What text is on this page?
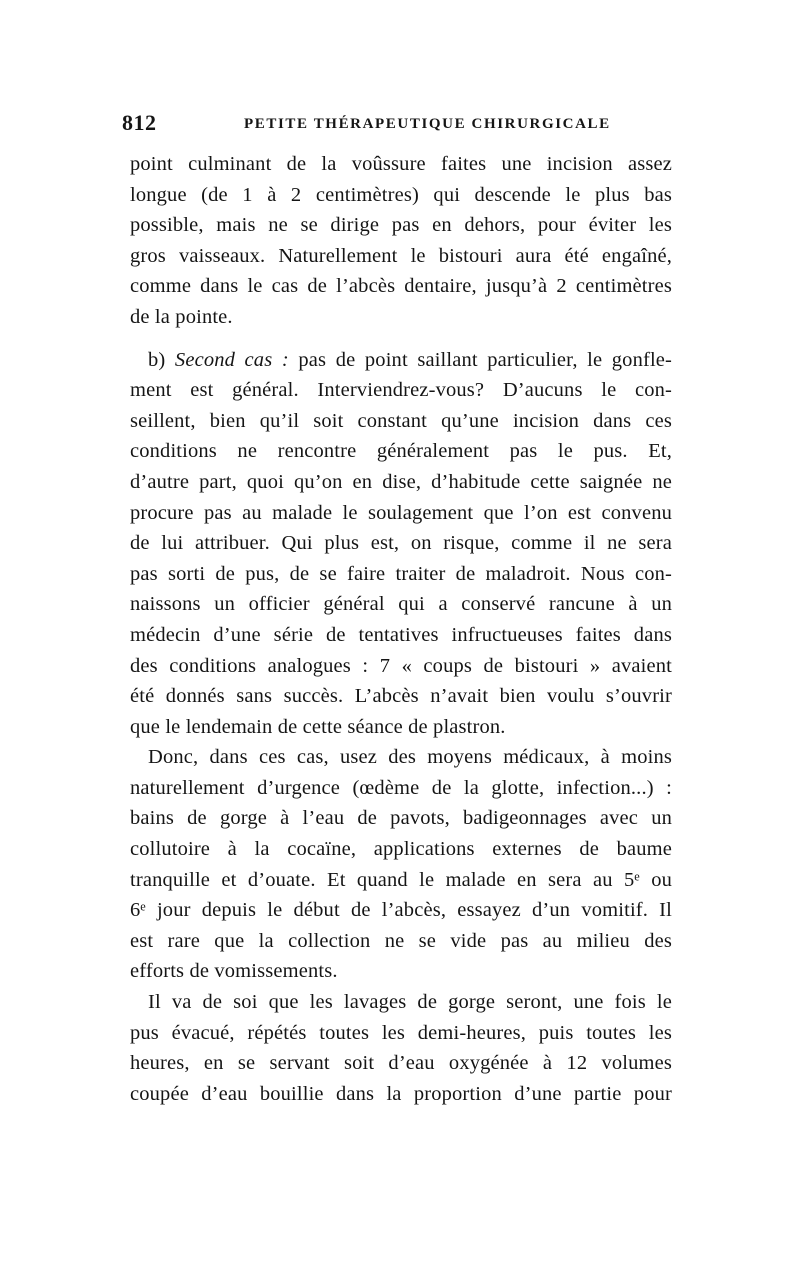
812	PETITE THÉRAPEUTIQUE CHIRURGICALE
point culminant de la voûssure faites une incision assez
longue (de 1 à 2 centimètres) qui descende le plus bas
possible, mais ne se dirige pas en dehors, pour éviter les
gros vaisseaux. Naturellement le bistouri aura été engaîné,
comme dans le cas de l’abcès dentaire, jusqu’à 2 centimètres
de la pointe.
b) Second cas : pas de point saillant particulier, le gonfle-
ment est général. Interviendrez-vous? D’aucuns le con-
seillent, bien qu’il soit constant qu’une incision dans ces
conditions ne rencontre généralement pas le pus. Et,
d’autre part, quoi qu’on en dise, d’habitude cette saignée ne
procure pas au malade le soulagement que l’on est convenu
de lui attribuer. Qui plus est, on risque, comme il ne sera
pas sorti de pus, de se faire traiter de maladroit. Nous con-
naissons un officier général qui a conservé rancune à un
médecin d’une série de tentatives infructueuses faites dans
des conditions analogues : 7 « coups de bistouri » avaient
été donnés sans succès. L’abcès n’avait bien voulu s’ouvrir
que le lendemain de cette séance de plastron.
Donc, dans ces cas, usez des moyens médicaux, à moins
naturellement d’urgence (œdème de la glotte, infection...) :
bains de gorge à l’eau de pavots, badigeonnages avec un
collutoire à la cocaïne, applications externes de baume
tranquille et d’ouate. Et quand le malade en sera au 5ᵉ ou
6ᵉ jour depuis le début de l’abcès, essayez d’un vomitif. Il
est rare que la collection ne se vide pas au milieu des
efforts de vomissements.
Il va de soi que les lavages de gorge seront, une fois le
pus évacué, répétés toutes les demi-heures, puis toutes les
heures, en se servant soit d’eau oxygénée à 12 volumes
coupée d’eau bouillie dans la proportion d’une partie pour
